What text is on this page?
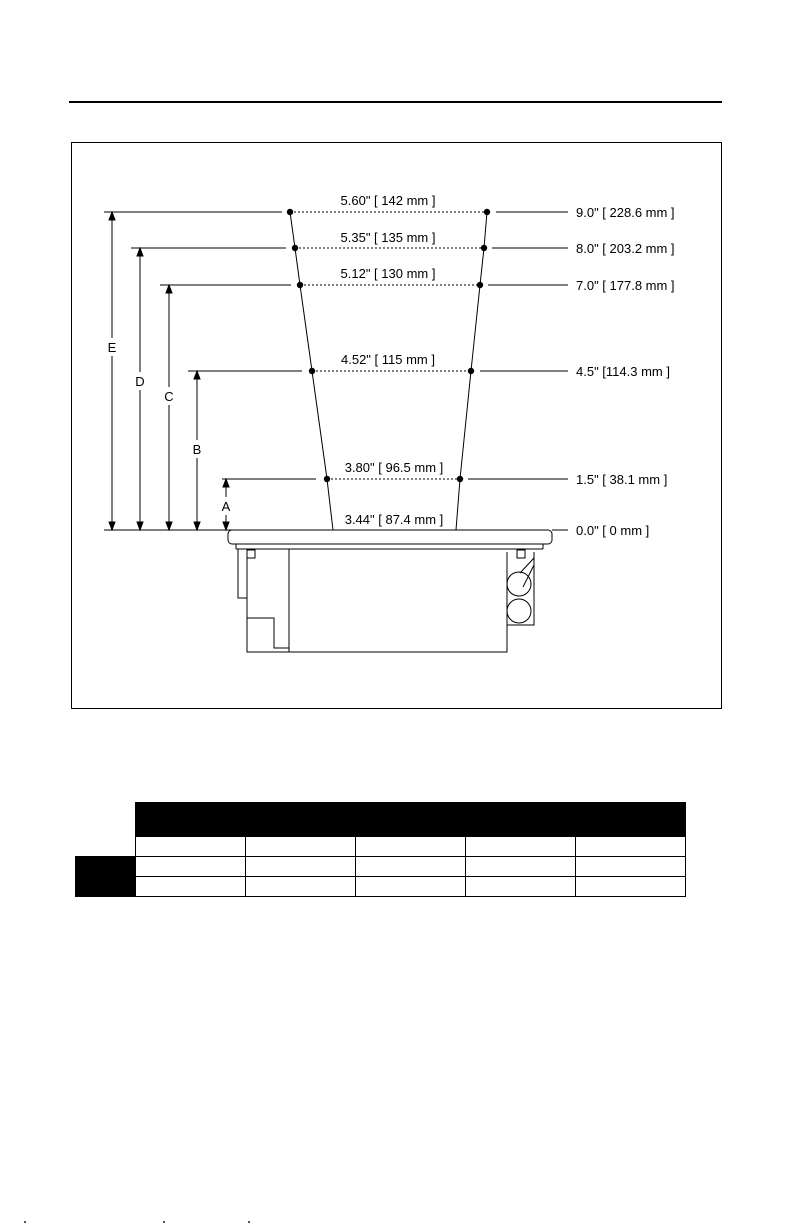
E
D
C
B
A
5.60" [ 142 mm ]
5.35" [ 135 mm ]
5.12" [ 130 mm ]
4.52" [ 115 mm ]
3.80" [ 96.5 mm ]
3.44" [ 87.4 mm ]
9.0" [ 228.6 mm ]
8.0" [ 203.2 mm ]
7.0" [ 177.8 mm ]
4.5" [114.3 mm ]
1.5" [ 38.1 mm ]
0.0" [ 0 mm ]
